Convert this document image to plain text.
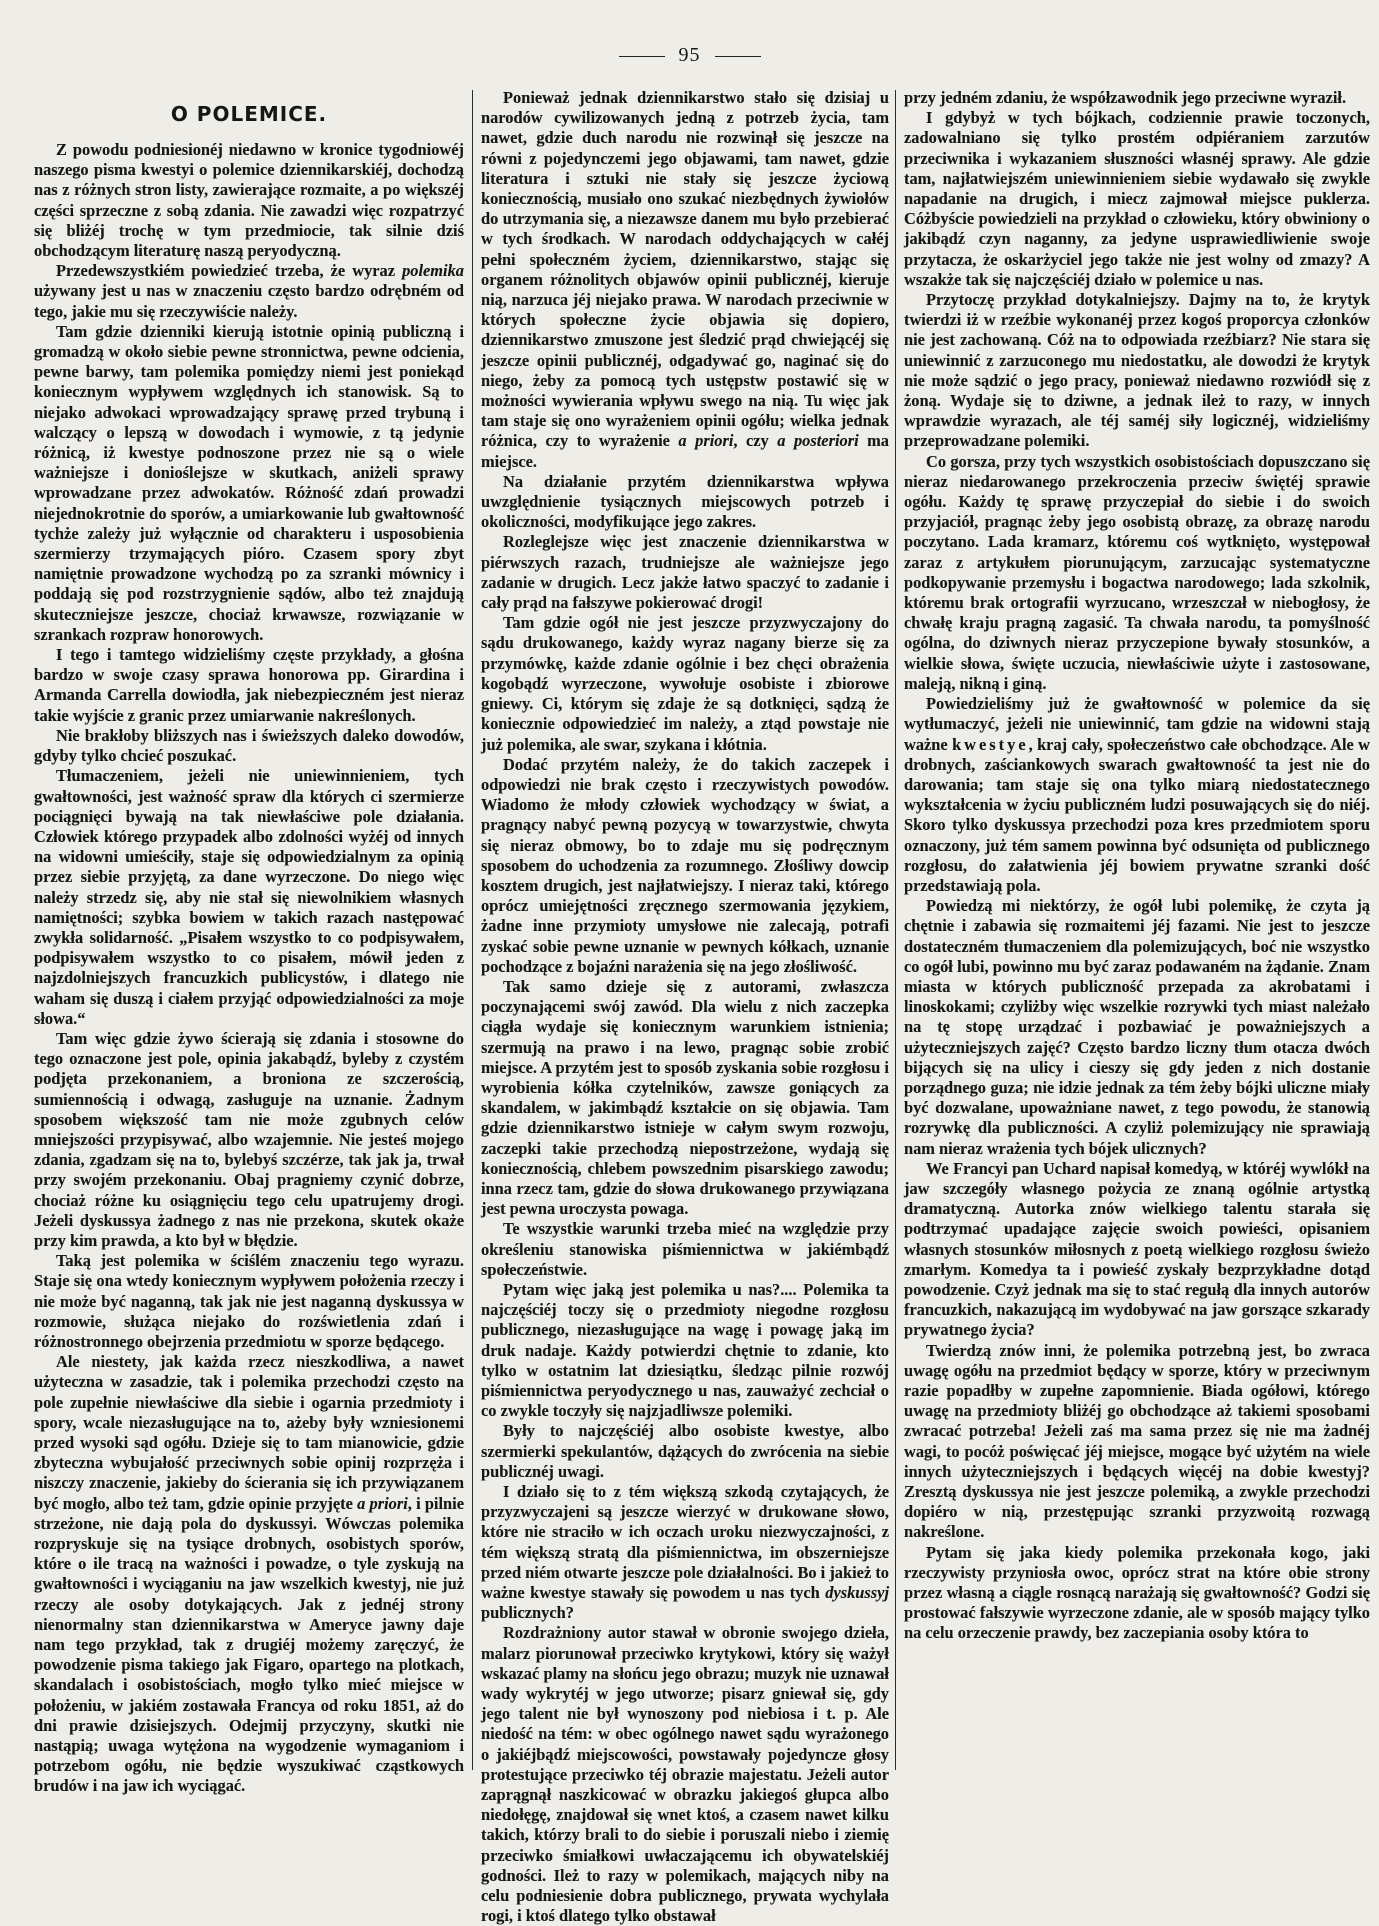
95
O POLEMICE.

Z powodu podniesionéj niedawno w kronice tygodniowéj naszego pisma kwestyi o polemice dziennikarskiéj, dochodzą nas z różnych stron listy, zawierające rozmaite, a po większéj części sprzeczne z sobą zdania. Nie zawadzi więc rozpatrzyć się bliżéj trochę w tym przedmiocie, tak silnie dziś obchodzącym literaturę naszą peryodyczną.

Przedewszystkiém powiedzieć trzeba, że wyraz polemika używany jest u nas w znaczeniu często bardzo odrębném od tego, jakie mu się rzeczywiście należy.

Tam gdzie dzienniki kierują istotnie opinią publiczną i gromadzą w około siebie pewne stronnictwa, pewne odcienia, pewne barwy, tam polemika pomiędzy niemi jest poniekąd koniecznym wypływem względnych ich stanowisk. Są to niejako adwokaci wprowadzający sprawę przed trybuną i walczący o lepszą w dowodach i wymowie, z tą jedynie różnicą, iż kwestye podnoszone przez nie są o wiele ważniejsze i donioślejsze w skutkach, aniżeli sprawy wprowadzane przez adwokatów. Różność zdań prowadzi niejednokrotnie do sporów, a umiarkowanie lub gwałtowność tychże zależy już wyłącznie od charakteru i usposobienia szermierzy trzymających pióro. Czasem spory zbyt namiętnie prowadzone wychodzą po za szranki mównicy i poddają się pod rozstrzygnienie sądów, albo też znajdują skuteczniejsze jeszcze, chociaż krwawsze, rozwiązanie w szrankach rozpraw honorowych.

I tego i tamtego widzieliśmy częste przykłady, a głośna bardzo w swoje czasy sprawa honorowa pp. Girardina i Armanda Carrella dowiodła, jak niebezpieczném jest nieraz takie wyjście z granic przez umiarwanie nakreślonych.

Nie brakłoby bliższych nas i świeższych daleko dowodów, gdyby tylko chcieć poszukać.

Tłumaczeniem, jeżeli nie uniewinnieniem, tych gwałtowności, jest ważność spraw dla których ci szermierze pociągnięci bywają na tak niewłaściwe pole działania. Człowiek którego przypadek albo zdolności wyżéj od innych na widowni umieściły, staje się odpowiedzialnym za opinią przez siebie przyjętą, za dane wyrzeczone. Do niego więc należy strzedz się, aby nie stał się niewolnikiem własnych namiętności; szybka bowiem w takich razach następować zwykła solidarność. „Pisałem wszystko to co podpisywałem, podpisywałem wszystko to co pisałem, mówił jeden z najzdolniejszych francuzkich publicystów, i dlatego nie waham się duszą i ciałem przyjąć odpowiedzialności za moje słowa.“

Tam więc gdzie żywo ścierają się zdania i stosowne do tego oznaczone jest pole, opinia jakabądź, byleby z czystém podjęta przekonaniem, a broniona ze szczerością, sumiennością i odwagą, zasługuje na uznanie. Żadnym sposobem większość tam nie może zgubnych celów mniejszości przypisywać, albo wzajemnie. Nie jesteś mojego zdania, zgadzam się na to, bylebyś szczérze, tak jak ja, trwał przy swojém przekonaniu. Obaj pragniemy czynić dobrze, chociaż różne ku osiągnięciu tego celu upatrujemy drogi. Jeżeli dyskussya żadnego z nas nie przekona, skutek okaże przy kim prawda, a kto był w błędzie.

Taką jest polemika w ściślém znaczeniu tego wyrazu. Staje się ona wtedy koniecznym wypływem położenia rzeczy i nie może być naganną, tak jak nie jest naganną dyskussya w rozmowie, służąca niejako do rozświetlenia zdań i różnostronnego obejrzenia przedmiotu w sporze będącego.

Ale niestety, jak każda rzecz nieszkodliwa, a nawet użyteczna w zasadzie, tak i polemika przechodzi często na pole zupełnie niewłaściwe dla siebie i ogarnia przedmioty i spory, wcale niezasługujące na to, ażeby były wzniesionemi przed wysoki sąd ogółu. Dzieje się to tam mianowicie, gdzie zbyteczna wybujałość przeciwnych sobie opinij rozprzęża i niszczy znaczenie, jakieby do ścierania się ich przywiązanem być mogło, albo też tam, gdzie opinie przyjęte a priori, i pilnie strzeżone, nie dają pola do dyskussyi. Wówczas polemika rozpryskuje się na tysiące drobnych, osobistych sporów, które o ile tracą na ważności i powadze, o tyle zyskują na gwałtowności i wyciąganiu na jaw wszelkich kwestyj, nie już rzeczy ale osoby dotykających. Jak z jednéj strony nienormalny stan dziennikarstwa w Ameryce jawny daje nam tego przykład, tak z drugiéj możemy zaręczyć, że powodzenie pisma takiego jak Figaro, opartego na plotkach, skandalach i osobistościach, mogło tylko mieć miejsce w położeniu, w jakiém zostawała Francya od roku 1851, aż do dni prawie dzisiejszych. Odejmij przyczyny, skutki nie nastąpią; uwaga wytężona na wygodzenie wymaganiom i potrzebom ogółu, nie będzie wyszukiwać cząstkowych brudów i na jaw ich wyciągać.

Ponieważ jednak dziennikarstwo stało się dzisiaj u narodów cywilizowanych jedną z potrzeb życia, tam nawet, gdzie duch narodu nie rozwinął się jeszcze na równi z pojedynczemi jego objawami, tam nawet, gdzie literatura i sztuki nie stały się jeszcze życiową koniecznością, musiało ono szukać niezbędnych żywiołów do utrzymania się, a niezawsze danem mu było przebierać w tych środkach. W narodach oddychających w całéj pełni społeczném życiem, dziennikarstwo, stając się organem różnolitych objawów opinii publicznéj, kieruje nią, narzuca jéj niejako prawa. W narodach przeciwnie w których społeczne życie objawia się dopiero, dziennikarstwo zmuszone jest śledzić prąd chwiejącéj się jeszcze opinii publicznéj, odgadywać go, naginać się do niego, żeby za pomocą tych ustępstw postawić się w możności wywierania wpływu swego na nią. Tu więc jak tam staje się ono wyrażeniem opinii ogółu; wielka jednak różnica, czy to wyrażenie a priori, czy a posteriori ma miejsce.

Na działanie przytém dziennikarstwa wpływa uwzględnienie tysiącznych miejscowych potrzeb i okoliczności, modyfikujące jego zakres.

Rozleglejsze więc jest znaczenie dziennikarstwa w piérwszych razach, trudniejsze ale ważniejsze jego zadanie w drugich. Lecz jakże łatwo spaczyć to zadanie i cały prąd na fałszywe pokierować drogi!

Tam gdzie ogół nie jest jeszcze przyzwyczajony do sądu drukowanego, każdy wyraz nagany bierze się za przymówkę, każde zdanie ogólnie i bez chęci obrażenia kogobądź wyrzeczone, wywołuje osobiste i zbiorowe gniewy. Ci, którym się zdaje że są dotknięci, sądzą że koniecznie odpowiedzieć im należy, a ztąd powstaje nie już polemika, ale swar, szykana i kłótnia.

Dodać przytém należy, że do takich zaczepek i odpowiedzi nie brak często i rzeczywistych powodów. Wiadomo że młody człowiek wychodzący w świat, a pragnący nabyć pewną pozycyą w towarzystwie, chwyta się nieraz obmowy, bo to zdaje mu się podręcznym sposobem do uchodzenia za rozumnego. Złośliwy dowcip kosztem drugich, jest najłatwiejszy. I nieraz taki, którego oprócz umiejętności zręcznego szermowania językiem, żadne inne przymioty umysłowe nie zalecają, potrafi zyskać sobie pewne uznanie w pewnych kółkach, uznanie pochodzące z bojaźni narażenia się na jego złośliwość.

Tak samo dzieje się z autorami, zwłaszcza poczynającemi swój zawód. Dla wielu z nich zaczepka ciągła wydaje się koniecznym warunkiem istnienia; szermują na prawo i na lewo, pragnąc sobie zrobić miejsce. A przytém jest to sposób zyskania sobie rozgłosu i wyrobienia kółka czytelników, zawsze goniących za skandalem, w jakimbądź kształcie on się objawia. Tam gdzie dziennikarstwo istnieje w całym swym rozwoju, zaczepki takie przechodzą niepostrzeżone, wydają się koniecznością, chlebem powszednim pisarskiego zawodu; inna rzecz tam, gdzie do słowa drukowanego przywiązana jest pewna uroczysta powaga.

Te wszystkie warunki trzeba mieć na względzie przy określeniu stanowiska piśmiennictwa w jakiémbądź społeczeństwie.

Pytam więc jaką jest polemika u nas?.... Polemika ta najczęściéj toczy się o przedmioty niegodne rozgłosu publicznego, niezasługujące na wagę i powagę jaką im druk nadaje. Każdy potwierdzi chętnie to zdanie, kto tylko w ostatnim lat dziesiątku, śledząc pilnie rozwój piśmiennictwa peryodycznego u nas, zauważyć zechciał o co zwykle toczyły się najzjadliwsze polemiki.

Były to najczęściéj albo osobiste kwestye, albo szermierki spekulantów, dążących do zwrócenia na siebie publicznéj uwagi.

I działo się to z tém większą szkodą czytających, że przyzwyczajeni są jeszcze wierzyć w drukowane słowo, które nie straciło w ich oczach uroku niezwyczajności, z tém większą stratą dla piśmiennictwa, im obszerniejsze przed niém otwarte jeszcze pole działalności. Bo i jakież to ważne kwestye stawały się powodem u nas tych dyskussyj publicznych?

Rozdrażniony autor stawał w obronie swojego dzieła, malarz piorunował przeciwko krytykowi, który się ważył wskazać plamy na słońcu jego obrazu; muzyk nie uznawał wady wykrytéj w jego utworze; pisarz gniewał się, gdy jego talent nie był wynoszony pod niebiosa i t. p. Ale niedość na tém: w obec ogólnego nawet sądu wyrażonego o jakiéjbądź miejscowości, powstawały pojedyncze głosy protestujące przeciwko téj obrazie majestatu. Jeżeli autor zaprągnął naszkicować w obrazku jakiegoś głupca albo niedołęgę, znajdował się wnet ktoś, a czasem nawet kilku takich, którzy brali to do siebie i poruszali niebo i ziemię przeciwko śmiałkowi uwłaczającemu ich obywatelskiéj godności. Ileż to razy w polemikach, mających niby na celu podniesienie dobra publicznego, prywata wychylała rogi, i ktoś dlatego tylko obstawał

przy jedném zdaniu, że współzawodnik jego przeciwne wyraził.

I gdybyż w tych bójkach, codziennie prawie toczonych, zadowalniano się tylko prostém odpiéraniem zarzutów przeciwnika i wykazaniem słuszności własnéj sprawy. Ale gdzie tam, najłatwiejszém uniewinnieniem siebie wydawało się zwykle napadanie na drugich, i miecz zajmował miejsce puklerza. Cóżbyście powiedzieli na przykład o człowieku, który obwiniony o jakibądź czyn naganny, za jedyne usprawiedliwienie swoje przytacza, że oskarżyciel jego także nie jest wolny od zmazy? A wszakże tak się najczęściéj działo w polemice u nas.

Przytoczę przykład dotykalniejszy. Dajmy na to, że krytyk twierdzi iż w rzeźbie wykonanéj przez kogoś proporcya członków nie jest zachowaną. Cóż na to odpowiada rzeźbiarz? Nie stara się uniewinnić z zarzuconego mu niedostatku, ale dowodzi że krytyk nie może sądzić o jego pracy, ponieważ niedawno rozwiódł się z żoną. Wydaje się to dziwne, a jednak ileż to razy, w innych wprawdzie wyrazach, ale téj saméj siły logicznéj, widzieliśmy przeprowadzane polemiki.

Co gorsza, przy tych wszystkich osobistościach dopuszczano się nieraz niedarowanego przekroczenia przeciw świętéj sprawie ogółu. Każdy tę sprawę przyczepiał do siebie i do swoich przyjaciół, pragnąc żeby jego osobistą obrazę, za obrazę narodu poczytano. Lada kramarz, któremu coś wytknięto, występował zaraz z artykułem piorunującym, zarzucając systematyczne podkopywanie przemysłu i bogactwa narodowego; lada szkolnik, któremu brak ortografii wyrzucano, wrzeszczał w niebogłosy, że chwałę kraju pragną zagasić. Ta chwała narodu, ta pomyślność ogólna, do dziwnych nieraz przyczepione bywały stosunków, a wielkie słowa, święte uczucia, niewłaściwie użyte i zastosowane, maleją, nikną i giną.

Powiedzieliśmy już że gwałtowność w polemice da się wytłumaczyć, jeżeli nie uniewinnić, tam gdzie na widowni stają ważne kwestye, kraj cały, społeczeństwo całe obchodzące. Ale w drobnych, zaściankowych swarach gwałtowność ta jest nie do darowania; tam staje się ona tylko miarą niedostatecznego wykształcenia w życiu publiczném ludzi posuwających się do niéj. Skoro tylko dyskussya przechodzi poza kres przedmiotem sporu oznaczony, już tém samem powinna być odsunięta od publicznego rozgłosu, do załatwienia jéj bowiem prywatne szranki dość przedstawiają pola.

Powiedzą mi niektórzy, że ogół lubi polemikę, że czyta ją chętnie i zabawia się rozmaitemi jéj fazami. Nie jest to jeszcze dostateczném tłumaczeniem dla polemizujących, boć nie wszystko co ogół lubi, powinno mu być zaraz podawaném na żądanie. Znam miasta w których publiczność przepada za akrobatami i linoskokami; czyliżby więc wszelkie rozrywki tych miast należało na tę stopę urządzać i pozbawiać je poważniejszych a użyteczniejszych zajęć? Często bardzo liczny tłum otacza dwóch bijących się na ulicy i cieszy się gdy jeden z nich dostanie porządnego guza; nie idzie jednak za tém żeby bójki uliczne miały być dozwalane, upoważniane nawet, z tego powodu, że stanowią rozrywkę dla publiczności. A czyliż polemizujący nie sprawiają nam nieraz wrażenia tych bójek ulicznych?

We Francyi pan Uchard napisał komedyą, w któréj wywlókł na jaw szczegóły własnego pożycia ze znaną ogólnie artystką dramatyczną. Autorka znów wielkiego talentu starała się podtrzymać upadające zajęcie swoich powieści, opisaniem własnych stosunków miłosnych z poetą wielkiego rozgłosu świeżo zmarłym. Komedya ta i powieść zyskały bezprzykładne dotąd powodzenie. Czyż jednak ma się to stać regułą dla innych autorów francuzkich, nakazującą im wydobywać na jaw gorszące szkarady prywatnego życia?

Twierdzą znów inni, że polemika potrzebną jest, bo zwraca uwagę ogółu na przedmiot będący w sporze, który w przeciwnym razie popadłby w zupełne zapomnienie. Biada ogółowi, którego uwagę na przedmioty bliżéj go obchodzące aż takiemi sposobami zwracać potrzeba! Jeżeli zaś ma sama przez się nie ma żadnéj wagi, to pocóż poświęcać jéj miejsce, mogące być użytém na wiele innych użyteczniejszych i będących więcéj na dobie kwestyj? Zresztą dyskussya nie jest jeszcze polemiką, a zwykle przechodzi dopiéro w nią, przestępując szranki przyzwoitą rozwagą nakreślone.

Pytam się jaka kiedy polemika przekonała kogo, jaki rzeczywisty przyniosła owoc, oprócz strat na które obie strony przez własną a ciągle rosnącą narażają się gwałtowność? Godzi się prostować fałszywie wyrzeczone zdanie, ale w sposób mający tylko na celu orzeczenie prawdy, bez zaczepiania osoby która to
